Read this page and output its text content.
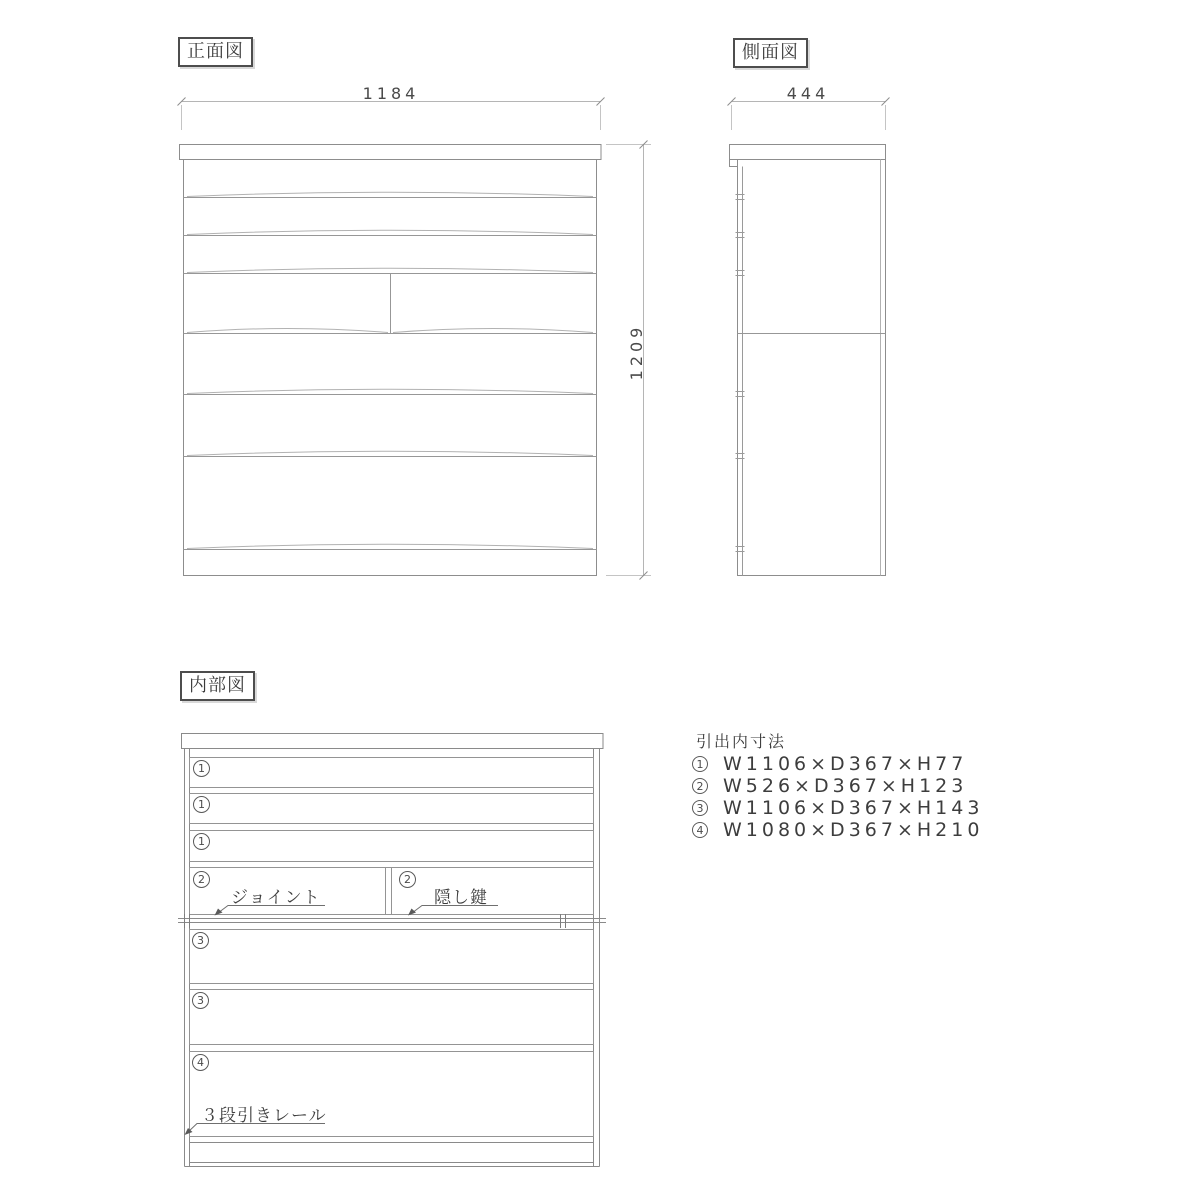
正面図	側面図
内部図
1184	444
1209
1
1
1
2	2
3
3
4
ジョイント	隠し鍵
３段引きレール
引出内寸法
1 W1106×D367×H77
2 W526×D367×H123
3 W1106×D367×H143
4 W1080×D367×H210
